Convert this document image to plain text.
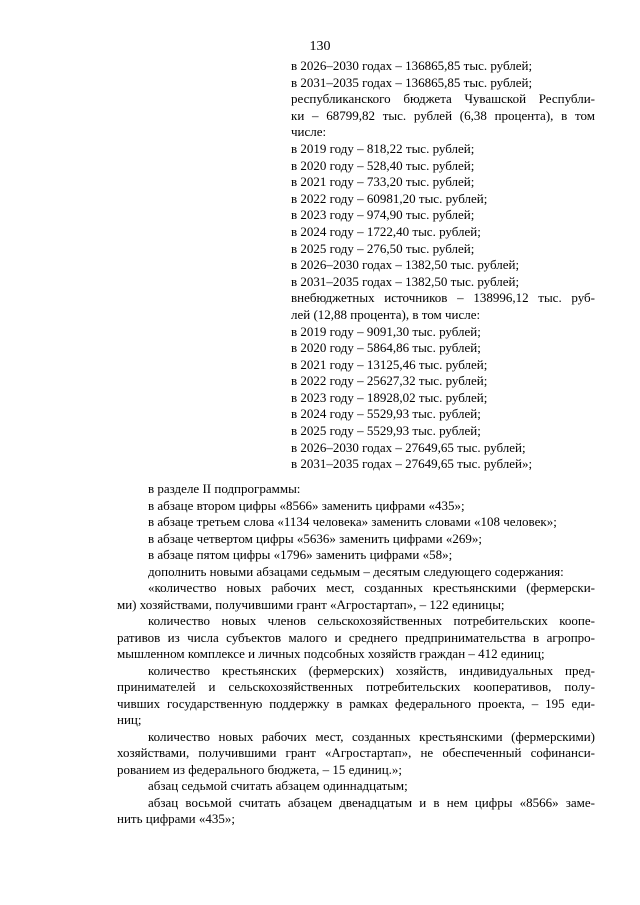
130
в 2026–2030 годах – 136865,85 тыс. рублей;
в 2031–2035 годах – 136865,85 тыс. рублей;
республиканского бюджета Чувашской Республи-
ки – 68799,82 тыс. рублей (6,38 процента), в том
числе:
в 2019 году – 818,22 тыс. рублей;
в 2020 году – 528,40 тыс. рублей;
в 2021 году – 733,20 тыс. рублей;
в 2022 году – 60981,20 тыс. рублей;
в 2023 году – 974,90 тыс. рублей;
в 2024 году – 1722,40 тыс. рублей;
в 2025 году – 276,50 тыс. рублей;
в 2026–2030 годах – 1382,50 тыс. рублей;
в 2031–2035 годах – 1382,50 тыс. рублей;
внебюджетных источников – 138996,12 тыс. руб-
лей (12,88 процента), в том числе:
в 2019 году – 9091,30 тыс. рублей;
в 2020 году – 5864,86 тыс. рублей;
в 2021 году – 13125,46 тыс. рублей;
в 2022 году – 25627,32 тыс. рублей;
в 2023 году – 18928,02 тыс. рублей;
в 2024 году – 5529,93 тыс. рублей;
в 2025 году – 5529,93 тыс. рублей;
в 2026–2030 годах – 27649,65 тыс. рублей;
в 2031–2035 годах – 27649,65 тыс. рублей»;
в разделе II подпрограммы:
в абзаце втором цифры «8566» заменить цифрами «435»;
в абзаце третьем слова «1134 человека» заменить словами «108 человек»;
в абзаце четвертом цифры «5636» заменить цифрами «269»;
в абзаце пятом цифры «1796» заменить цифрами «58»;
дополнить новыми абзацами седьмым – десятым следующего содержания:
«количество новых рабочих мест, созданных крестьянскими (фермерски-
ми) хозяйствами, получившими грант «Агростартап», – 122 единицы;
количество новых членов сельскохозяйственных потребительских коопе-
ративов из числа субъектов малого и среднего предпринимательства в агропро-
мышленном комплексе и личных подсобных хозяйств граждан – 412 единиц;
количество крестьянских (фермерских) хозяйств, индивидуальных пред-
принимателей и сельскохозяйственных потребительских кооперативов, полу-
чивших государственную поддержку в рамках федерального проекта, – 195 еди-
ниц;
количество новых рабочих мест, созданных крестьянскими (фермерскими)
хозяйствами, получившими грант «Агростартап», не обеспеченный софинанси-
рованием из федерального бюджета, – 15 единиц.»;
абзац седьмой считать абзацем одиннадцатым;
абзац восьмой считать абзацем двенадцатым и в нем цифры «8566» заме-
нить цифрами «435»;
